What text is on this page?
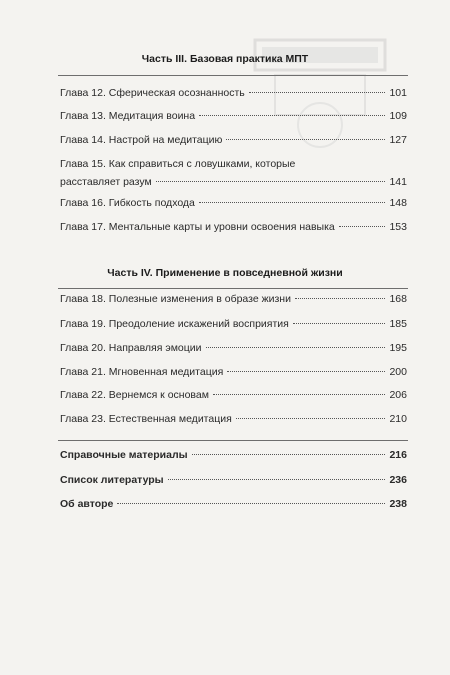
Часть III. Базовая практика МПТ
Глава 12. Сферическая осознанность	101
Глава 13. Медитация воина	109
Глава 14. Настрой на медитацию	127
Глава 15. Как справиться с ловушками, которые
расставляет разум	141
Глава 16. Гибкость подхода	148
Глава 17. Ментальные карты и уровни освоения навыка	153
Часть IV. Применение в повседневной жизни
Глава 18. Полезные изменения в образе жизни	168
Глава 19. Преодоление искажений восприятия	185
Глава 20. Направляя эмоции	195
Глава 21. Мгновенная медитация	200
Глава 22. Вернемся к основам	206
Глава 23. Естественная медитация	210
Справочные материалы	216
Список литературы	236
Об авторе	238
